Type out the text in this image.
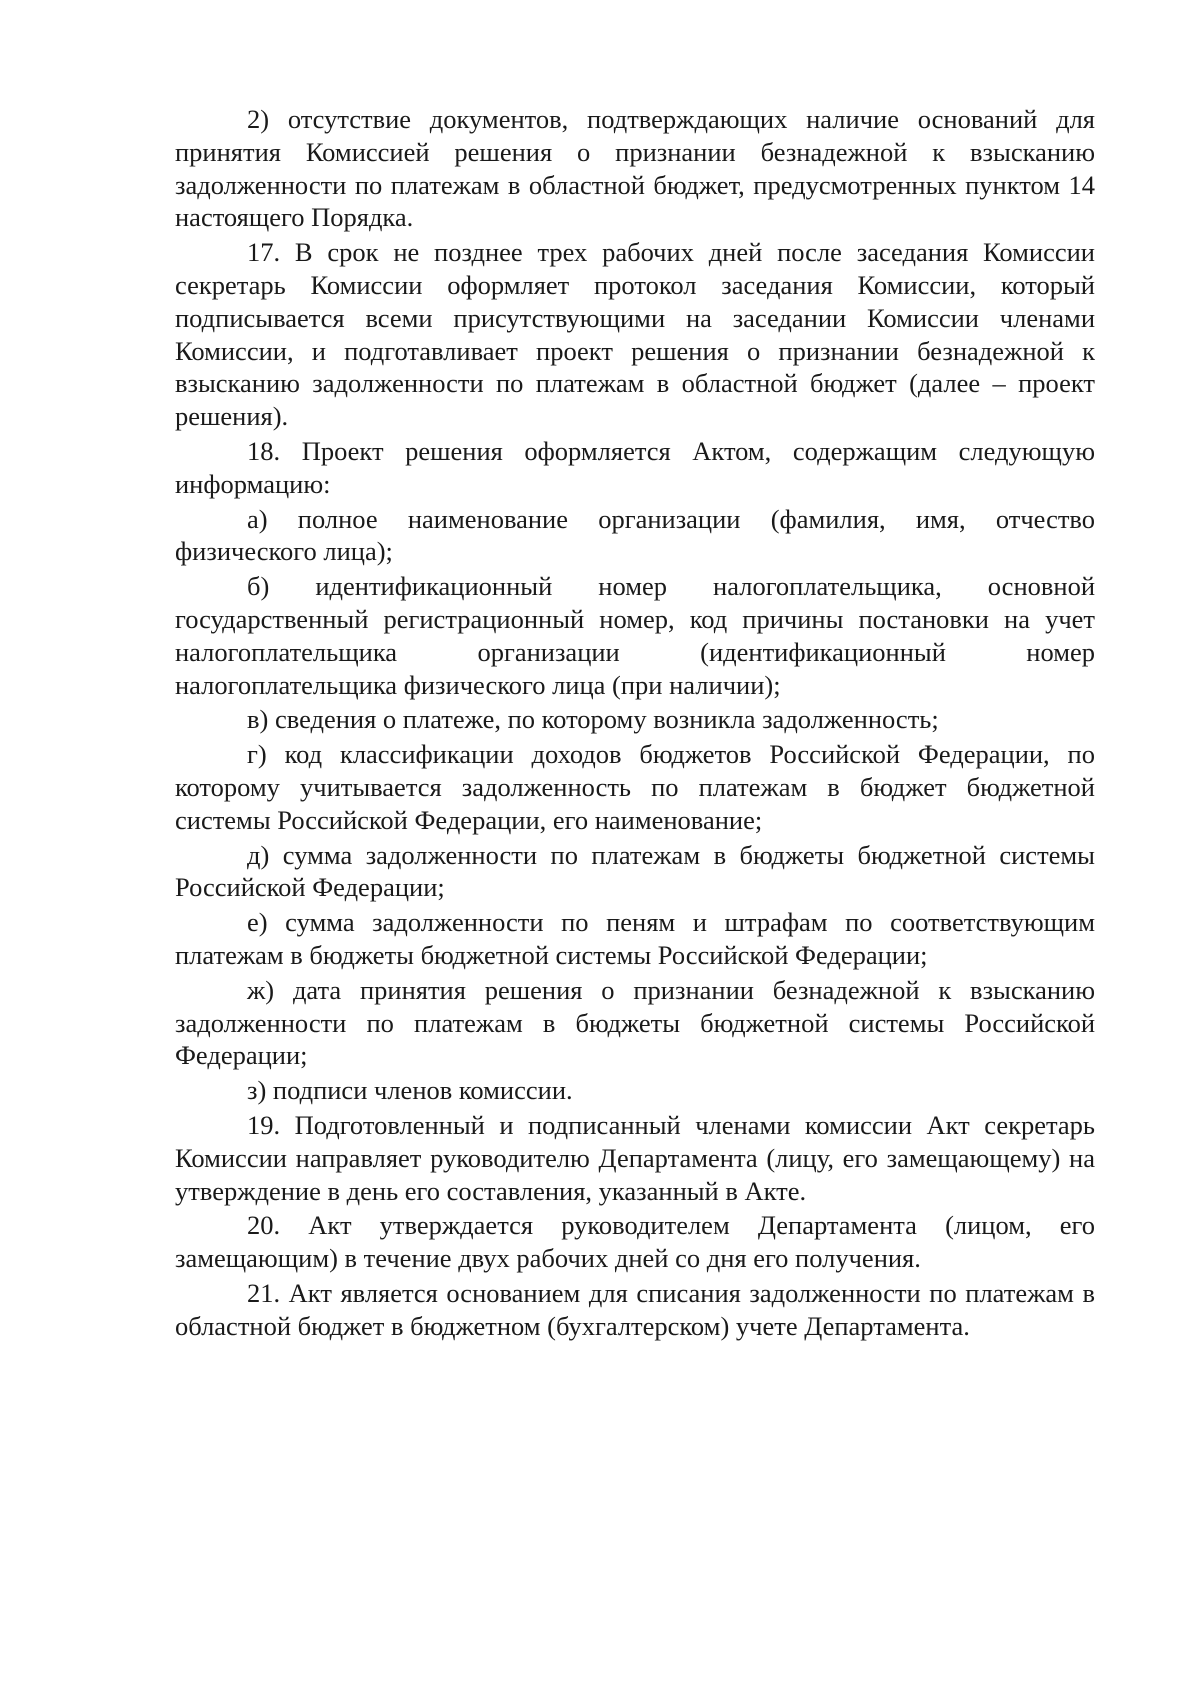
2) отсутствие документов, подтверждающих наличие оснований для принятия Комиссией решения о признании безнадежной к взысканию задолженности по платежам в областной бюджет, предусмотренных пунктом 14 настоящего Порядка.

17. В срок не позднее трех рабочих дней после заседания Комиссии секретарь Комиссии оформляет протокол заседания Комиссии, который подписывается всеми присутствующими на заседании Комиссии членами Комиссии, и подготавливает проект решения о признании безнадежной к взысканию задолженности по платежам в областной бюджет (далее – проект решения).

18. Проект решения оформляется Актом, содержащим следующую информацию:

а) полное наименование организации (фамилия, имя, отчество физического лица);

б) идентификационный номер налогоплательщика, основной государственный регистрационный номер, код причины постановки на учет налогоплательщика организации (идентификационный номер налогоплательщика физического лица (при наличии);

в) сведения о платеже, по которому возникла задолженность;

г) код классификации доходов бюджетов Российской Федерации, по которому учитывается задолженность по платежам в бюджет бюджетной системы Российской Федерации, его наименование;

д) сумма задолженности по платежам в бюджеты бюджетной системы Российской Федерации;

е) сумма задолженности по пеням и штрафам по соответствующим платежам в бюджеты бюджетной системы Российской Федерации;

ж) дата принятия решения о признании безнадежной к взысканию задолженности по платежам в бюджеты бюджетной системы Российской Федерации;

з) подписи членов комиссии.

19. Подготовленный и подписанный членами комиссии Акт секретарь Комиссии направляет руководителю Департамента (лицу, его замещающему) на утверждение в день его составления, указанный в Акте.

20. Акт утверждается руководителем Департамента (лицом, его замещающим) в течение двух рабочих дней со дня его получения.

21. Акт является основанием для списания задолженности по платежам в областной бюджет в бюджетном (бухгалтерском) учете Департамента.
